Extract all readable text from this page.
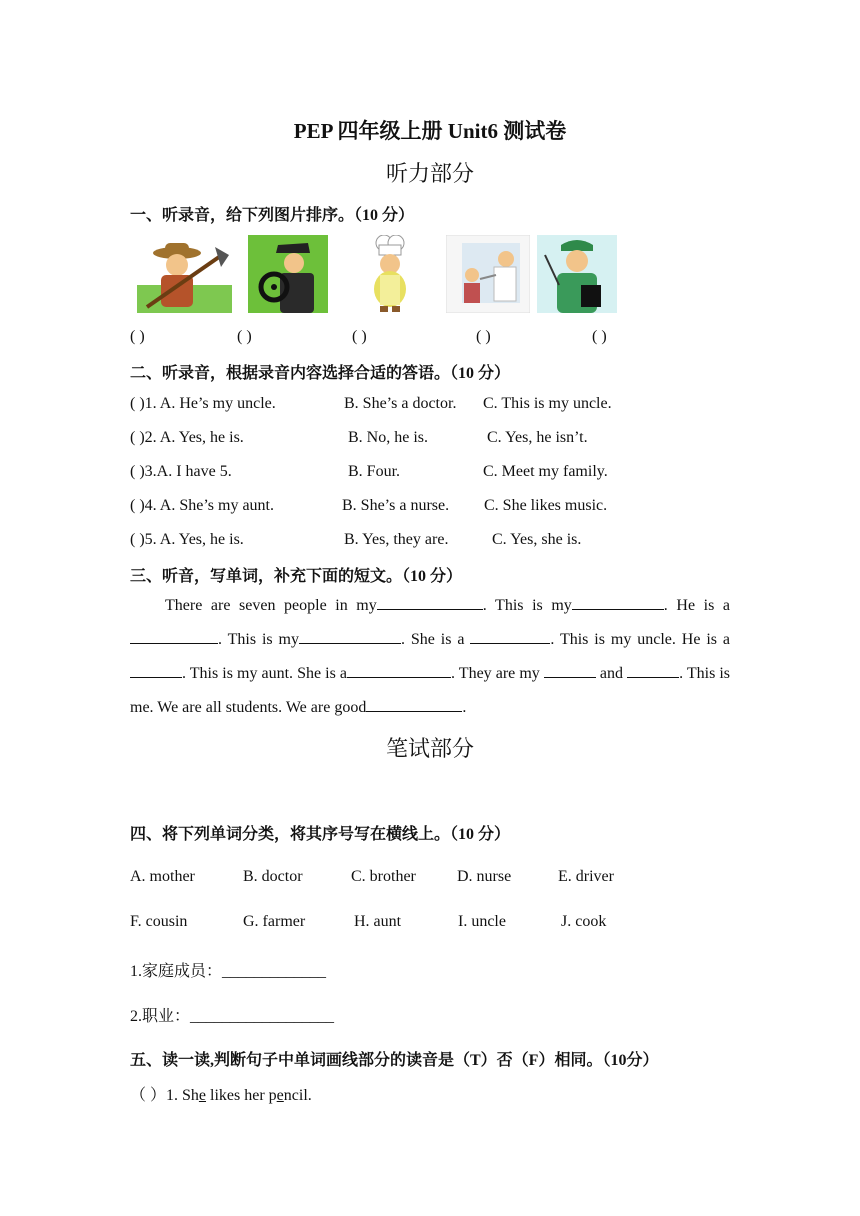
PEP 四年级上册 Unit6 测试卷
听力部分
一、听录音，给下列图片排序。（10 分）
( )	( )	( )	( )	( )
二、听录音，根据录音内容选择合适的答语。（10 分）
( )1. A. He’s my uncle.	B. She’s a doctor. C. This is my uncle.
( )2. A. Yes, he is.	B. No, he is.	C. Yes, he isn’t.
( )3.A. I have 5.	B. Four.	C. Meet my family.
( )4. A. She’s my aunt.	B. She’s a nurse. C. She likes music.
( )5. A. Yes, he is.	B. Yes, they are.	C. Yes, she is.
三、听音，写单词，补充下面的短文。（10 分）
There are seven people in my	. This is my	. He is a. This is my	. She is a	. This is my uncle. He is a. This is my aunt. She is a	. They are my	and	. This is me. We are all students. We are good	.
笔试部分
四、将下列单词分类，将其序号写在横线上。（10 分）
A. mother	B. doctor	C. brother	D. nurse	E. driver
F. cousin	G. farmer	H. aunt	I. uncle	J. cook
1.家庭成员：_____________
2.职业：__________________
五、读一读,判断句子中单词画线部分的读音是（T）否（F）相同。（10分）
（ ）1. She likes her pencil.
